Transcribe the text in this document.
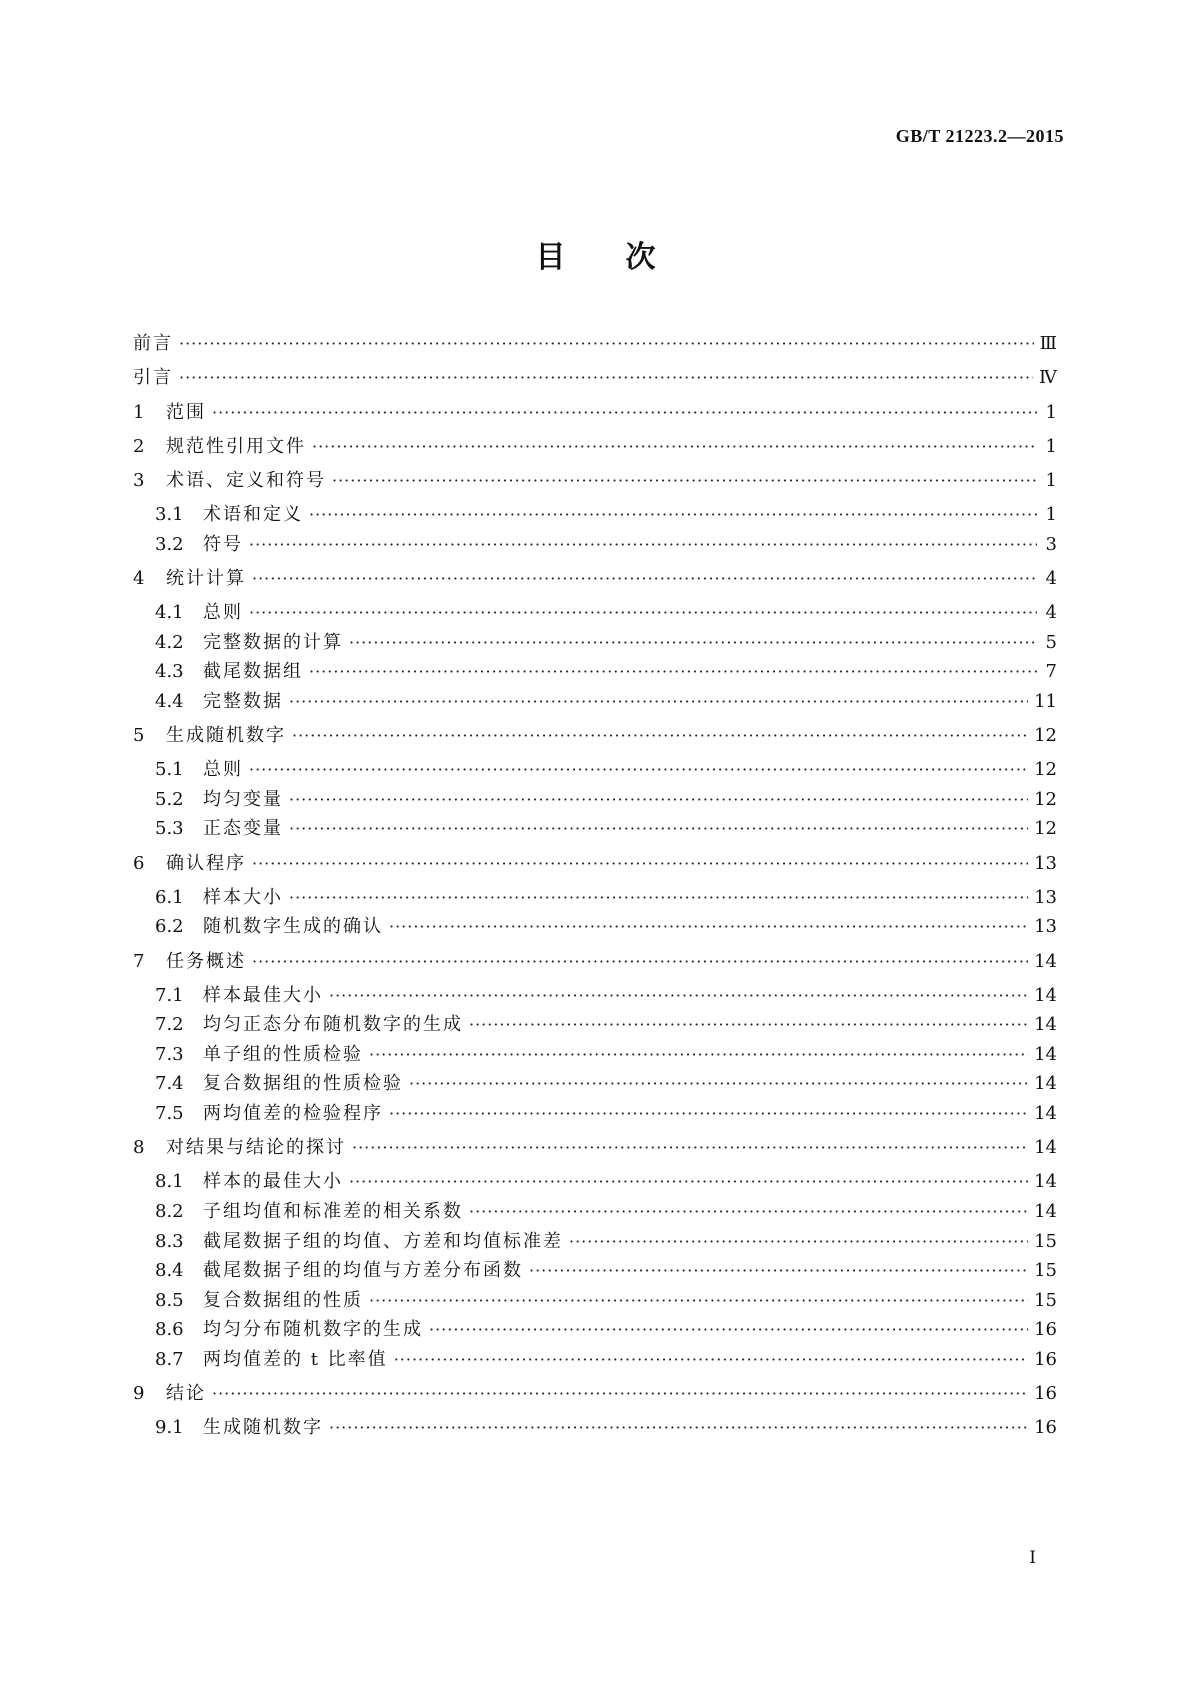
GB/T 21223.2—2015
目 次
前言 ·····	Ⅲ
引言 ·····	Ⅳ
1	范围 ·····	1
2	规范性引用文件 ·····	1
3	术语、定义和符号 ·····	1
3.1	术语和定义 ·····	1
3.2	符号 ·····	3
4	统计计算 ·····	4
4.1	总则 ·····	4
4.2	完整数据的计算 ·····	5
4.3	截尾数据组 ·····	7
4.4	完整数据 ·····	11
5	生成随机数字 ·····	12
5.1	总则 ·····	12
5.2	均匀变量 ·····	12
5.3	正态变量 ·····	12
6	确认程序 ·····	13
6.1	样本大小 ·····	13
6.2	随机数字生成的确认 ·····	13
7	任务概述 ·····	14
7.1	样本最佳大小 ·····	14
7.2	均匀正态分布随机数字的生成 ·····	14
7.3	单子组的性质检验 ·····	14
7.4	复合数据组的性质检验 ·····	14
7.5	两均值差的检验程序 ·····	14
8	对结果与结论的探讨 ·····	14
8.1	样本的最佳大小 ·····	14
8.2	子组均值和标准差的相关系数 ·····	14
8.3	截尾数据子组的均值、方差和均值标准差 ·····	15
8.4	截尾数据子组的均值与方差分布函数 ·····	15
8.5	复合数据组的性质 ·····	15
8.6	均匀分布随机数字的生成 ·····	16
8.7	两均值差的 t 比率值 ·····	16
9	结论 ·····	16
9.1	生成随机数字 ·····	16
I
